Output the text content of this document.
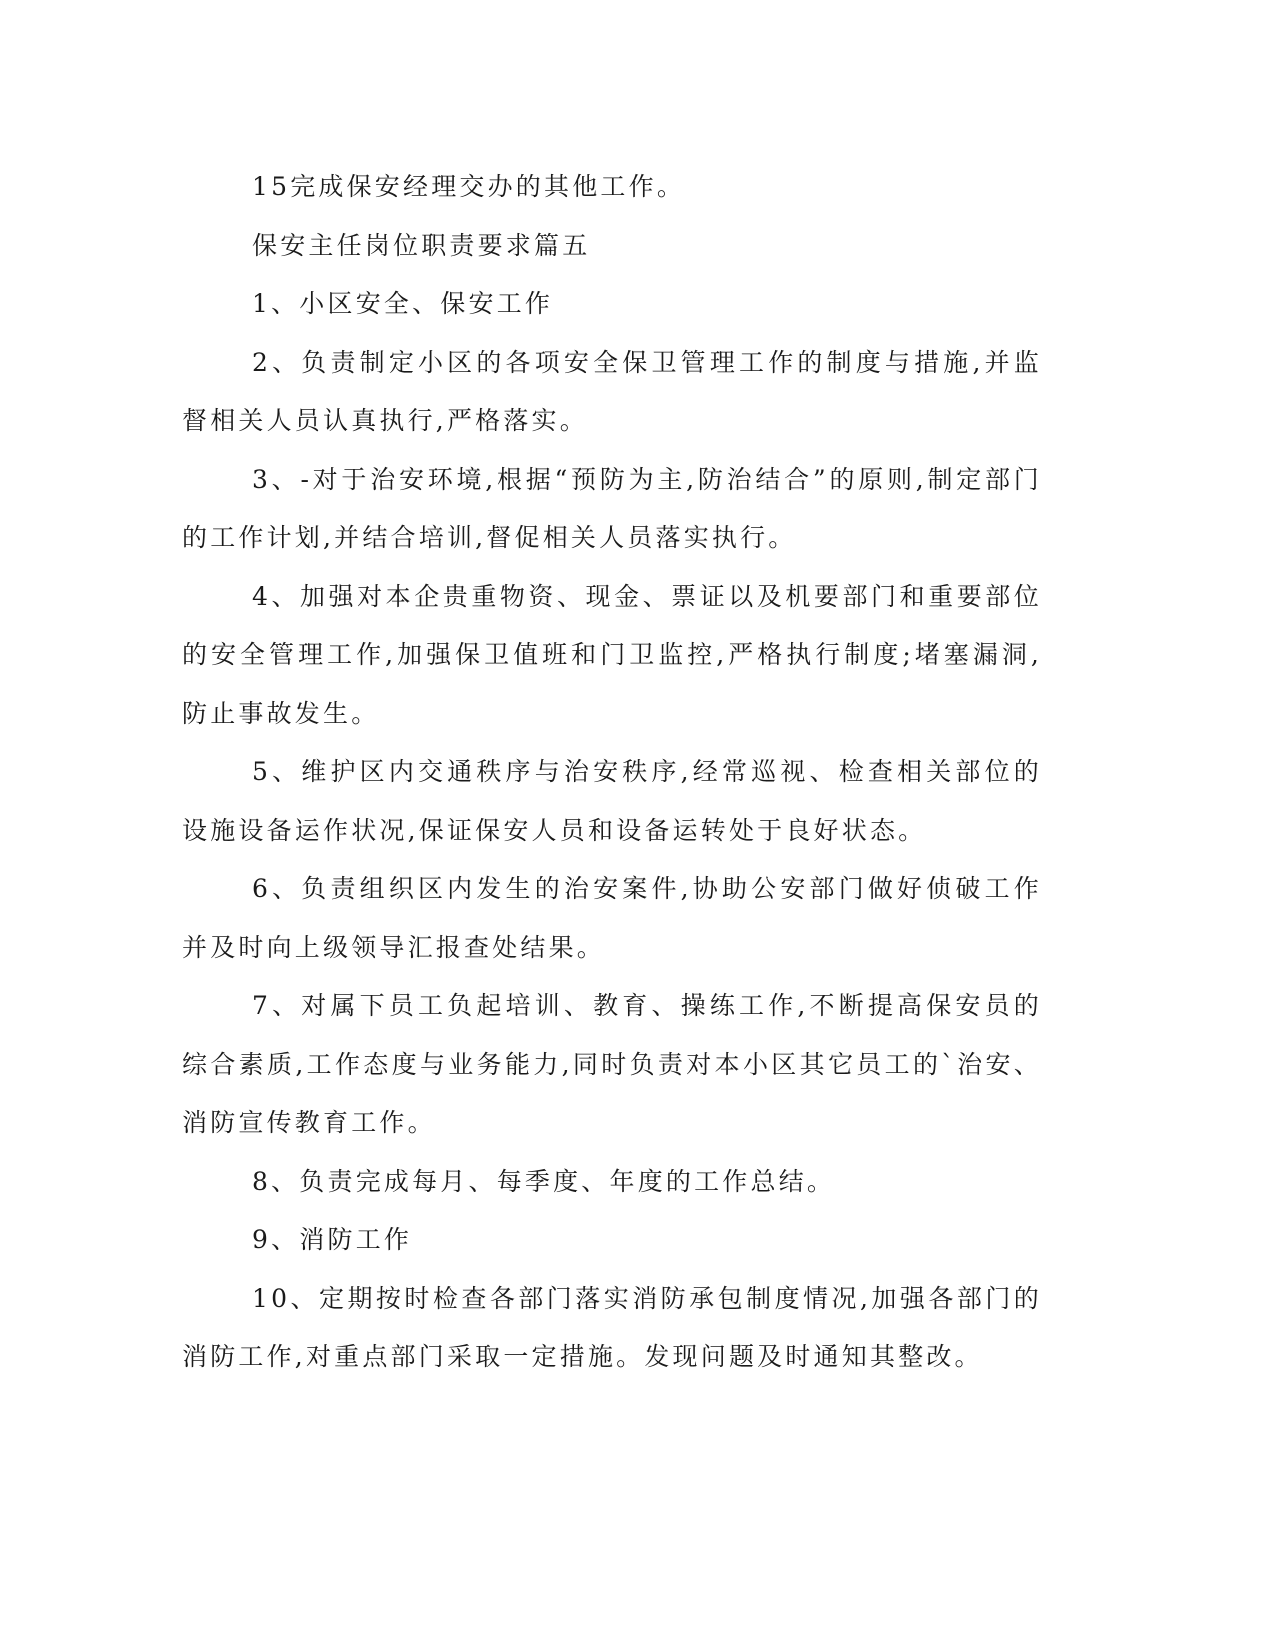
15完成保安经理交办的其他工作。

保安主任岗位职责要求篇五

1、小区安全、保安工作

2、负责制定小区的各项安全保卫管理工作的制度与措施,并监督相关人员认真执行,严格落实。

3、-对于治安环境,根据“预防为主,防治结合”的原则,制定部门的工作计划,并结合培训,督促相关人员落实执行。

4、加强对本企贵重物资、现金、票证以及机要部门和重要部位的安全管理工作,加强保卫值班和门卫监控,严格执行制度;堵塞漏洞,防止事故发生。

5、维护区内交通秩序与治安秩序,经常巡视、检查相关部位的设施设备运作状况,保证保安人员和设备运转处于良好状态。

6、负责组织区内发生的治安案件,协助公安部门做好侦破工作并及时向上级领导汇报查处结果。

7、对属下员工负起培训、教育、操练工作,不断提高保安员的综合素质,工作态度与业务能力,同时负责对本小区其它员工的`治安、消防宣传教育工作。

8、负责完成每月、每季度、年度的工作总结。

9、消防工作

10、定期按时检查各部门落实消防承包制度情况,加强各部门的消防工作,对重点部门采取一定措施。发现问题及时通知其整改。
